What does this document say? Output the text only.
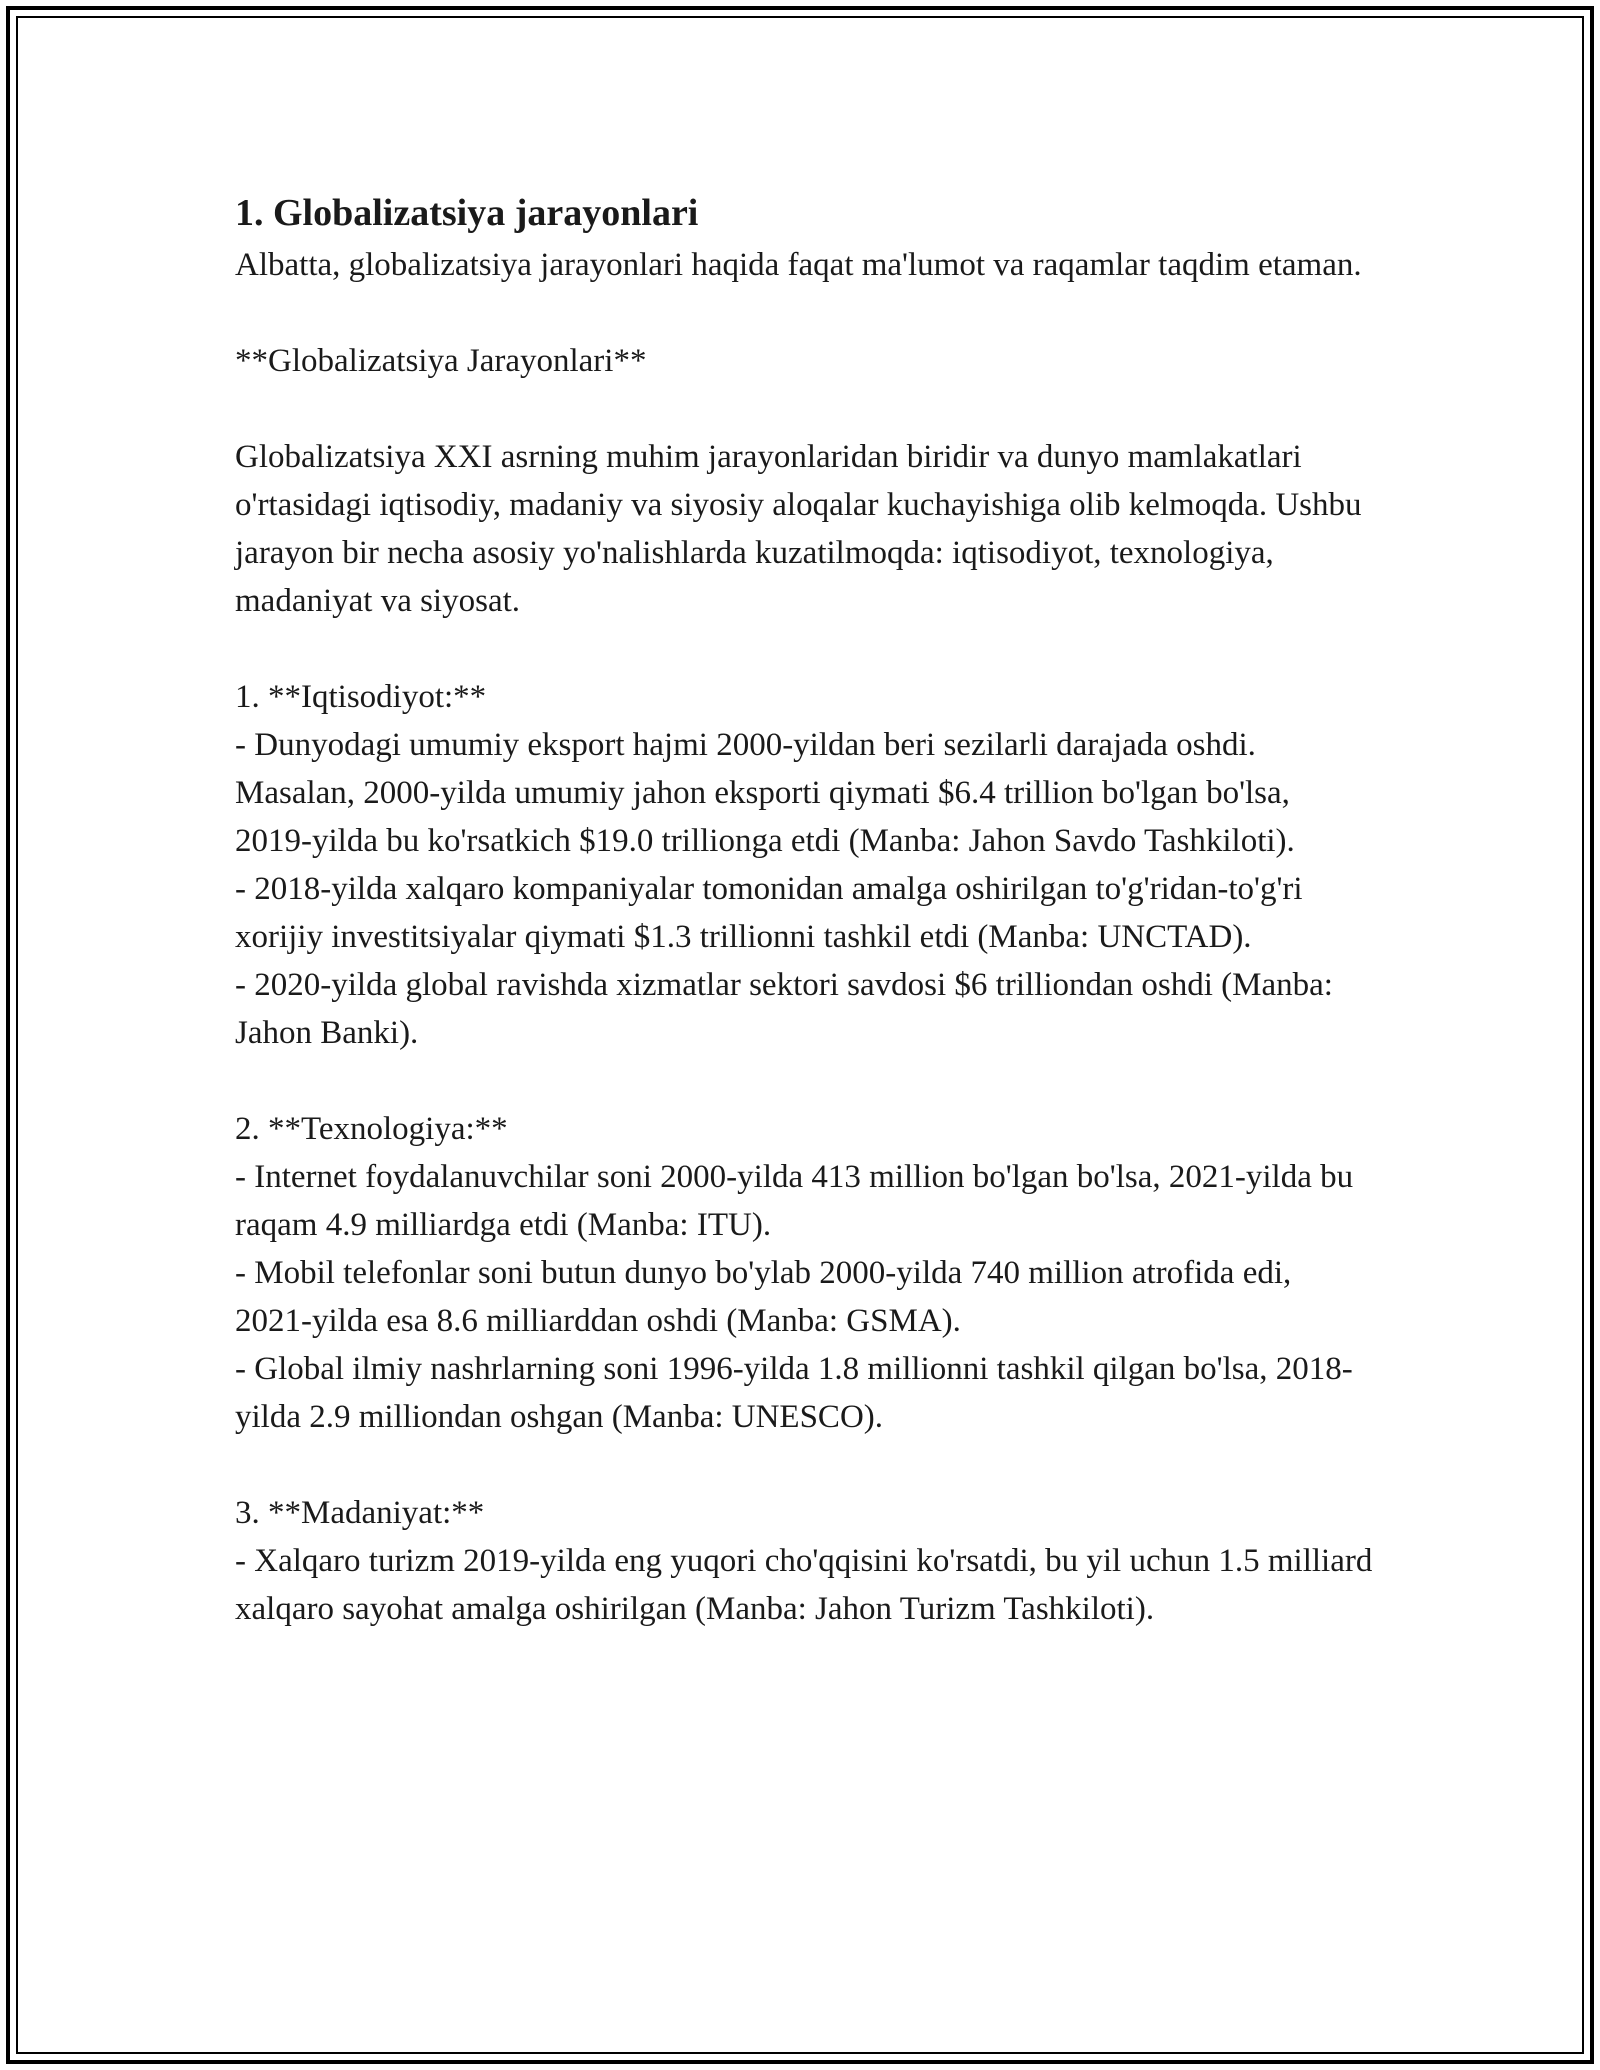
1. Globalizatsiya jarayonlari

Albatta, globalizatsiya jarayonlari haqida faqat ma'lumot va raqamlar taqdim etaman.

**Globalizatsiya Jarayonlari**

Globalizatsiya XXI asrning muhim jarayonlaridan biridir va dunyo mamlakatlari o'rtasidagi iqtisodiy, madaniy va siyosiy aloqalar kuchayishiga olib kelmoqda. Ushbu jarayon bir necha asosiy yo'nalishlarda kuzatilmoqda: iqtisodiyot, texnologiya, madaniyat va siyosat.

1. **Iqtisodiyot:**

- Dunyodagi umumiy eksport hajmi 2000-yildan beri sezilarli darajada oshdi. Masalan, 2000-yilda umumiy jahon eksporti qiymati $6.4 trillion bo'lgan bo'lsa, 2019-yilda bu ko'rsatkich $19.0 trillionga etdi (Manba: Jahon Savdo Tashkiloti).

- 2018-yilda xalqaro kompaniyalar tomonidan amalga oshirilgan to'g'ridan-to'g'ri xorijiy investitsiyalar qiymati $1.3 trillionni tashkil etdi (Manba: UNCTAD).

- 2020-yilda global ravishda xizmatlar sektori savdosi $6 trilliondan oshdi (Manba: Jahon Banki).

2. **Texnologiya:**

- Internet foydalanuvchilar soni 2000-yilda 413 million bo'lgan bo'lsa, 2021-yilda bu raqam 4.9 milliardga etdi (Manba: ITU).

- Mobil telefonlar soni butun dunyo bo'ylab 2000-yilda 740 million atrofida edi, 2021-yilda esa 8.6 milliarddan oshdi (Manba: GSMA).

- Global ilmiy nashrlarning soni 1996-yilda 1.8 millionni tashkil qilgan bo'lsa, 2018-yilda 2.9 milliondan oshgan (Manba: UNESCO).

3. **Madaniyat:**

- Xalqaro turizm 2019-yilda eng yuqori cho'qqisini ko'rsatdi, bu yil uchun 1.5 milliard xalqaro sayohat amalga oshirilgan (Manba: Jahon Turizm Tashkiloti).
